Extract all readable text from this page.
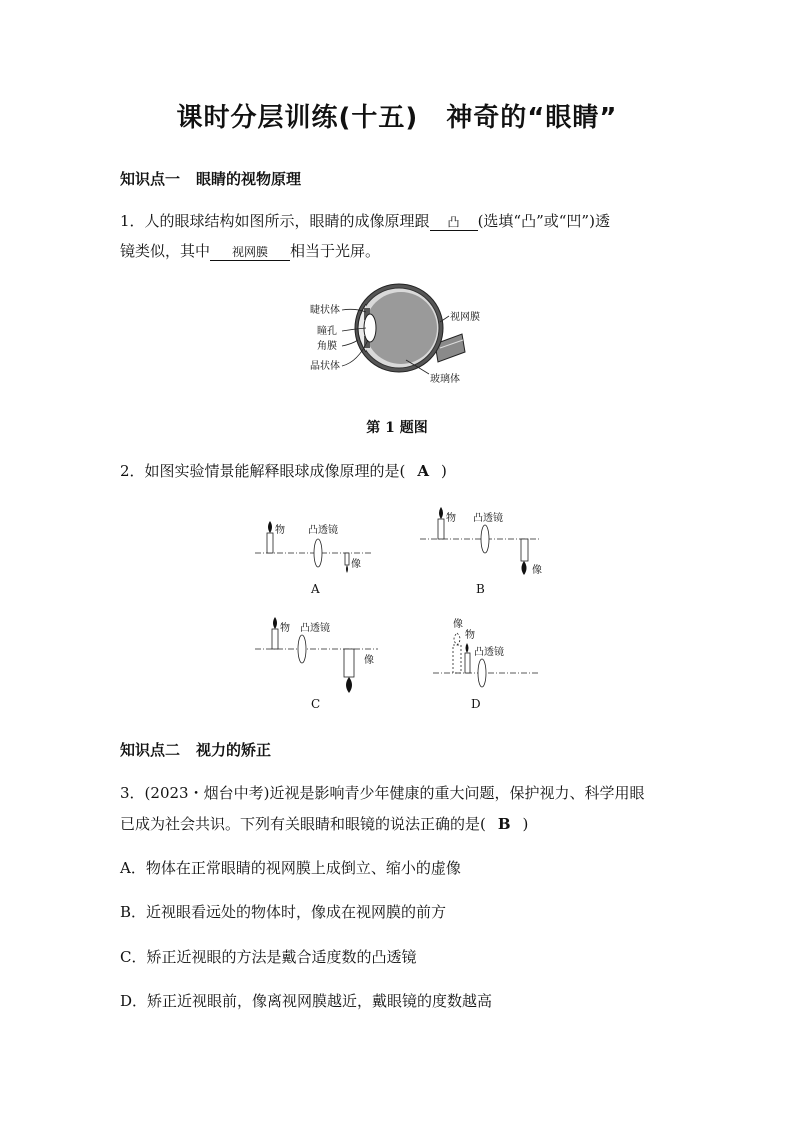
课时分层训练(十五) 神奇的“眼睛”
知识点一 眼睛的视物原理
1．人的眼球结构如图所示，眼睛的成像原理跟 凸 (选填“凸”或“凹”)透
镜类似，其中 视网膜 相当于光屏。
睫状体
瞳孔
角膜
晶状体
视网膜
玻璃体
第 1 题图
2．如图实验情景能解释眼球成像原理的是( A )
物 凸透镜
像
A
物 凸透镜
像
B
物 凸透镜
像
C
像
物
凸透镜
D
知识点二 视力的矫正
3．(2023・烟台中考)近视是影响青少年健康的重大问题，保护视力、科学用眼
已成为社会共识。下列有关眼睛和眼镜的说法正确的是( B )
A．物体在正常眼睛的视网膜上成倒立、缩小的虚像
B．近视眼看远处的物体时，像成在视网膜的前方
C．矫正近视眼的方法是戴合适度数的凸透镜
D．矫正近视眼前，像离视网膜越近，戴眼镜的度数越高
